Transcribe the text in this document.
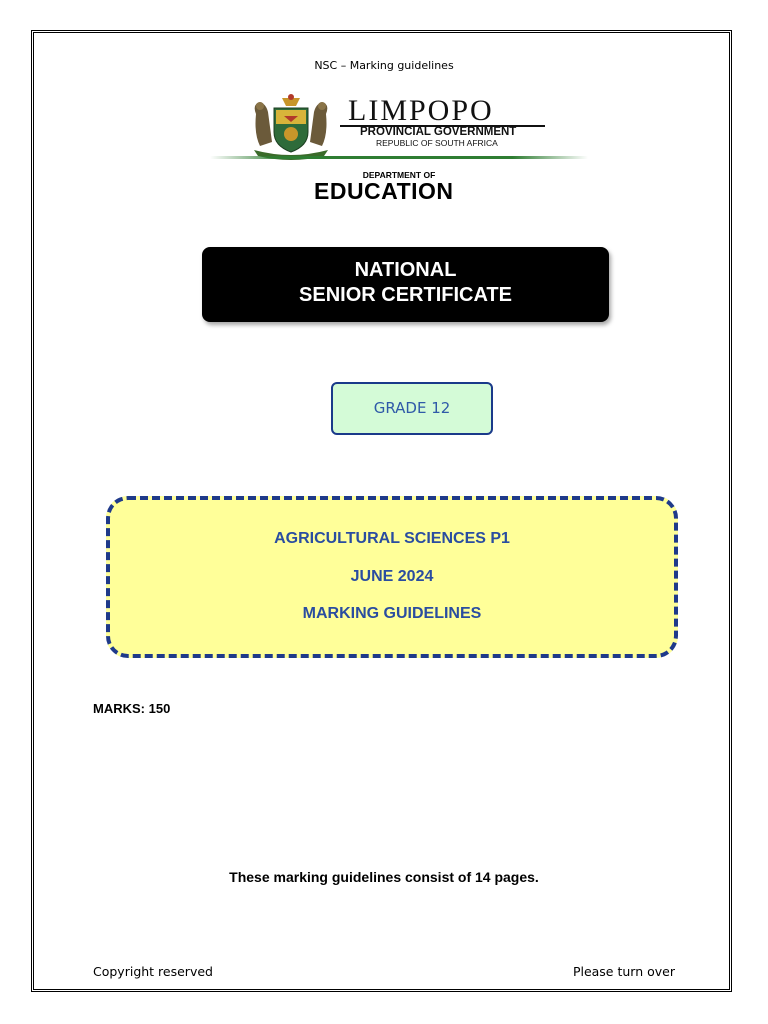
NSC – Marking guidelines
LIMPOPO
PROVINCIAL GOVERNMENT
REPUBLIC OF SOUTH AFRICA
DEPARTMENT OF
EDUCATION
NATIONAL
SENIOR CERTIFICATE
GRADE 12
AGRICULTURAL SCIENCES P1
JUNE 2024
MARKING GUIDELINES
MARKS: 150
These marking guidelines consist of 14 pages.
Copyright reserved	Please turn over
